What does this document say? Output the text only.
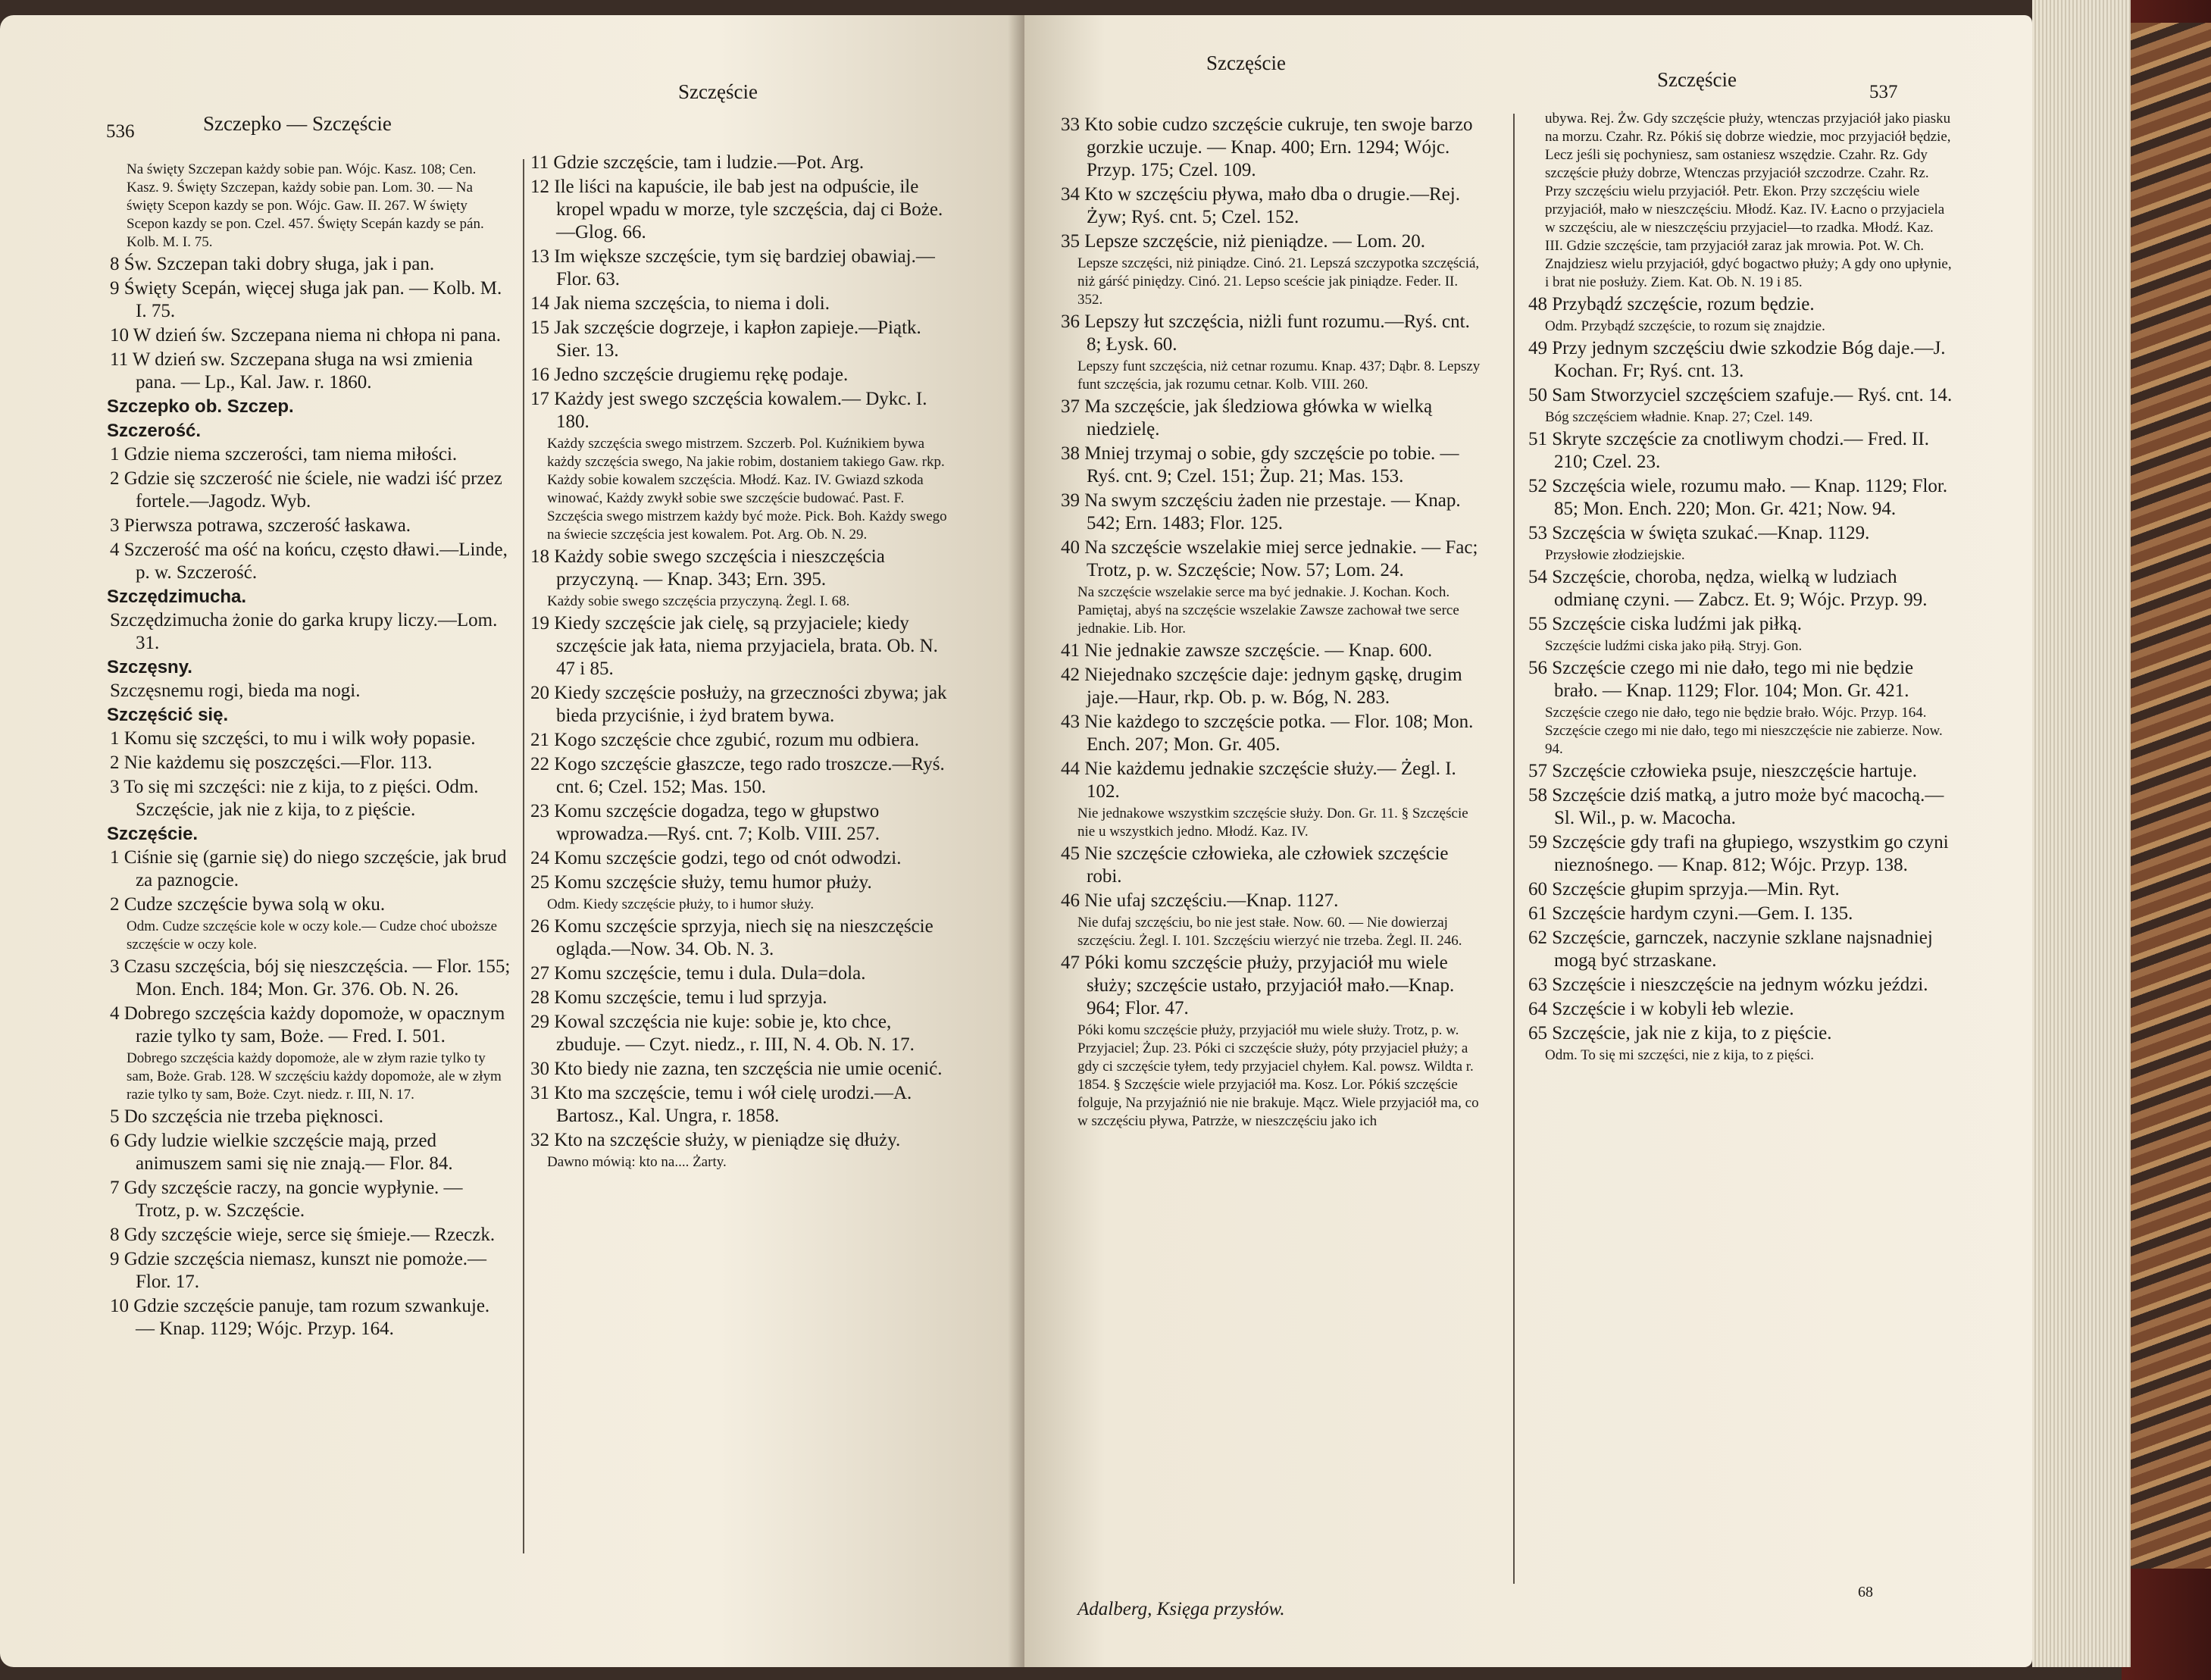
536	Szczepko — Szczęście
Szczęście
Na święty Szczepan każdy sobie pan. Wójc. Kasz. 108; Cen. Kasz. 9. Święty Szczepan, każdy sobie pan. Lom. 30. — Na święty Scepon kazdy se pon. Wójc. Gaw. II. 267. W święty Scepon kazdy se pon. Czel. 457. Święty Scepán kazdy se pán. Kolb. M. I. 75.
8 Św. Szczepan taki dobry sługa, jak i pan.
9 Święty Scepán, więcej sługa jak pan. — Kolb. M. I. 75.
10 W dzień św. Szczepana niema ni chłopa ni pana.
11 W dzień sw. Szczepana sługa na wsi zmienia pana. — Lp., Kal. Jaw. r. 1860.
Szczepko ob. Szczep.
Szczerość.
1 Gdzie niema szczerości, tam niema miłości.
2 Gdzie się szczerość nie ściele, nie wadzi iść przez fortele.—Jagodz. Wyb.
3 Pierwsza potrawa, szczerość łaskawa.
4 Szczerość ma ość na końcu, często dławi.—Linde, p. w. Szczerość.
Szczędzimucha.
Szczędzimucha żonie do garka krupy liczy.—Lom. 31.
Szczęsny.
Szczęsnemu rogi, bieda ma nogi.
Szczęścić się.
1 Komu się szczęści, to mu i wilk woły popasie.
2 Nie każdemu się poszczęści.—Flor. 113.
3 To się mi szczęści: nie z kija, to z pięści. Odm. Szczęście, jak nie z kija, to z pięście.
Szczęście.
1 Ciśnie się (garnie się) do niego szczęście, jak brud za paznogcie.
2 Cudze szczęście bywa solą w oku.
Odm. Cudze szczęście kole w oczy kole.— Cudze choć uboższe szczęście w oczy kole.
3 Czasu szczęścia, bój się nieszczęścia. — Flor. 155; Mon. Ench. 184; Mon. Gr. 376. Ob. N. 26.
4 Dobrego szczęścia każdy dopomoże, w opacznym razie tylko ty sam, Boże. — Fred. I. 501.
Dobrego szczęścia każdy dopomoże, ale w złym razie tylko ty sam, Boże. Grab. 128. W szczęściu każdy dopomoże, ale w złym razie tylko ty sam, Boże. Czyt. niedz. r. III, N. 17.
5 Do szczęścia nie trzeba pięknosci.
6 Gdy ludzie wielkie szczęście mają, przed animuszem sami się nie znają.— Flor. 84.
7 Gdy szczęście raczy, na goncie wypłynie. — Trotz, p. w. Szczęście.
8 Gdy szczęście wieje, serce się śmieje.— Rzeczk.
9 Gdzie szczęścia niemasz, kunszt nie pomoże.—Flor. 17.
10 Gdzie szczęście panuje, tam rozum szwankuje. — Knap. 1129; Wójc. Przyp. 164.
11 Gdzie szczęście, tam i ludzie.—Pot. Arg.
12 Ile liści na kapuście, ile bab jest na odpuście, ile kropel wpadu w morze, tyle szczęścia, daj ci Boże.—Glog. 66.
13 Im większe szczęście, tym się bardziej obawiaj.—Flor. 63.
14 Jak niema szczęścia, to niema i doli.
15 Jak szczęście dogrzeje, i kapłon zapieje.—Piątk. Sier. 13.
16 Jedno szczęście drugiemu rękę podaje.
17 Każdy jest swego szczęścia kowalem.— Dykc. I. 180.
Każdy szczęścia swego mistrzem. Szczerb. Pol. Kuźnikiem bywa każdy szczęścia swego, Na jakie robim, dostaniem takiego Gaw. rkp. Każdy sobie kowalem szczęścia. Młodź. Kaz. IV. Gwiazd szkoda winować, Każdy zwykł sobie swe szczęście budować. Past. F. Szczęścia swego mistrzem każdy być może. Pick. Boh. Każdy swego na świecie szczęścia jest kowalem. Pot. Arg. Ob. N. 29.
18 Każdy sobie swego szczęścia i nieszczęścia przyczyną. — Knap. 343; Ern. 395.
Każdy sobie swego szczęścia przyczyną. Żegl. I. 68.
19 Kiedy szczęście jak cielę, są przyjaciele; kiedy szczęście jak łata, niema przyjaciela, brata. Ob. N. 47 i 85.
20 Kiedy szczęście posłuży, na grzeczności zbywa; jak bieda przyciśnie, i żyd bratem bywa.
21 Kogo szczęście chce zgubić, rozum mu odbiera.
22 Kogo szczęście głaszcze, tego rado troszcze.—Ryś. cnt. 6; Czel. 152; Mas. 150.
23 Komu szczęście dogadza, tego w głupstwo wprowadza.—Ryś. cnt. 7; Kolb. VIII. 257.
24 Komu szczęście godzi, tego od cnót odwodzi.
25 Komu szczęście służy, temu humor płuży.
Odm. Kiedy szczęście płuży, to i humor służy.
26 Komu szczęście sprzyja, niech się na nieszczęście ogląda.—Now. 34. Ob. N. 3.
27 Komu szczęście, temu i dula. Dula=dola.
28 Komu szczęście, temu i lud sprzyja.
29 Kowal szczęścia nie kuje: sobie je, kto chce, zbuduje. — Czyt. niedz., r. III, N. 4. Ob. N. 17.
30 Kto biedy nie zazna, ten szczęścia nie umie ocenić.
31 Kto ma szczęście, temu i wół cielę urodzi.—A. Bartosz., Kal. Ungra, r. 1858.
32 Kto na szczęście służy, w pieniądze się dłuży.
Dawno mówią: kto na.... Żarty.
Szczęście
Szczęście
537
33 Kto sobie cudzo szczęście cukruje, ten swoje barzo gorzkie uczuje. — Knap. 400; Ern. 1294; Wójc. Przyp. 175; Czel. 109.
34 Kto w szczęściu pływa, mało dba o drugie.—Rej. Żyw; Ryś. cnt. 5; Czel. 152.
35 Lepsze szczęście, niż pieniądze. — Lom. 20.
Lepsze szczęści, niż piniądze. Cinó. 21. Lepszá szczypotka szczęściá, niż gárść piniędzy. Cinó. 21. Lepso sceście jak piniądze. Feder. II. 352.
36 Lepszy łut szczęścia, niżli funt rozumu.—Ryś. cnt. 8; Łysk. 60.
Lepszy funt szczęścia, niż cetnar rozumu. Knap. 437; Dąbr. 8. Lepszy funt szczęścia, jak rozumu cetnar. Kolb. VIII. 260.
37 Ma szczęście, jak śledziowa główka w wielką niedzielę.
38 Mniej trzymaj o sobie, gdy szczęście po tobie. — Ryś. cnt. 9; Czel. 151; Żup. 21; Mas. 153.
39 Na swym szczęściu żaden nie przestaje. — Knap. 542; Ern. 1483; Flor. 125.
40 Na szczęście wszelakie miej serce jednakie. — Fac; Trotz, p. w. Szczęście; Now. 57; Lom. 24.
Na szczęście wszelakie serce ma być jednakie. J. Kochan. Koch. Pamiętaj, abyś na szczęście wszelakie Zawsze zachował twe serce jednakie. Lib. Hor.
41 Nie jednakie zawsze szczęście. — Knap. 600.
42 Niejednako szczęście daje: jednym gąskę, drugim jaje.—Haur, rkp. Ob. p. w. Bóg, N. 283.
43 Nie każdego to szczęście potka. — Flor. 108; Mon. Ench. 207; Mon. Gr. 405.
44 Nie każdemu jednakie szczęście służy.— Żegl. I. 102.
Nie jednakowe wszystkim szczęście służy. Don. Gr. 11. § Szczęście nie u wszystkich jedno. Młodź. Kaz. IV.
45 Nie szczęście człowieka, ale człowiek szczęście robi.
46 Nie ufaj szczęściu.—Knap. 1127.
Nie dufaj szczęściu, bo nie jest stałe. Now. 60. — Nie dowierzaj szczęściu. Żegl. I. 101. Szczęściu wierzyć nie trzeba. Żegl. II. 246.
47 Póki komu szczęście płuży, przyjaciół mu wiele służy; szczęście ustało, przyjaciół mało.—Knap. 964; Flor. 47.
Póki komu szczęście płuży, przyjaciół mu wiele służy. Trotz, p. w. Przyjaciel; Żup. 23. Póki ci szczęście służy, póty przyjaciel płuży; a gdy ci szczęście tyłem, tedy przyjaciel chyłem. Kal. powsz. Wildta r. 1854. § Szczęście wiele przyjaciół ma. Kosz. Lor. Pókiś szczęście folguje, Na przyjaźnió nie nie brakuje. Mącz. Wiele przyjaciół ma, co w szczęściu pływa, Patrzże, w nieszczęściu jako ich
ubywa. Rej. Żw. Gdy szczęście płuży, wtenczas przyjaciół jako piasku na morzu. Czahr. Rz. Pókiś się dobrze wiedzie, moc przyjaciół będzie, Lecz jeśli się pochyniesz, sam ostaniesz wszędzie. Czahr. Rz. Gdy szczęście płuży dobrze, Wtenczas przyjaciół szczodrze. Czahr. Rz. Przy szczęściu wielu przyjaciół. Petr. Ekon. Przy szczęściu wiele przyjaciół, mało w nieszczęściu. Młodź. Kaz. IV. Łacno o przyjaciela w szczęściu, ale w nieszczęściu przyjaciel—to rzadka. Młodź. Kaz. III. Gdzie szczęście, tam przyjaciół zaraz jak mrowia. Pot. W. Ch. Znajdziesz wielu przyjaciół, gdyć bogactwo płuży; A gdy ono upłynie, i brat nie posłuży. Ziem. Kat. Ob. N. 19 i 85.
48 Przybądź szczęście, rozum będzie.
Odm. Przybądź szczęście, to rozum się znajdzie.
49 Przy jednym szczęściu dwie szkodzie Bóg daje.—J. Kochan. Fr; Ryś. cnt. 13.
50 Sam Stworzyciel szczęściem szafuje.— Ryś. cnt. 14.
Bóg szczęściem władnie. Knap. 27; Czel. 149.
51 Skryte szczęście za cnotliwym chodzi.— Fred. II. 210; Czel. 23.
52 Szczęścia wiele, rozumu mało. — Knap. 1129; Flor. 85; Mon. Ench. 220; Mon. Gr. 421; Now. 94.
53 Szczęścia w święta szukać.—Knap. 1129.
Przysłowie złodziejskie.
54 Szczęście, choroba, nędza, wielką w ludziach odmianę czyni. — Zabcz. Et. 9; Wójc. Przyp. 99.
55 Szczęście ciska ludźmi jak piłką.
Szczęście ludźmi ciska jako piłą. Stryj. Gon.
56 Szczęście czego mi nie dało, tego mi nie będzie brało. — Knap. 1129; Flor. 104; Mon. Gr. 421.
Szczęście czego nie dało, tego nie będzie brało. Wójc. Przyp. 164. Szczęście czego mi nie dało, tego mi nieszczęście nie zabierze. Now. 94.
57 Szczęście człowieka psuje, nieszczęście hartuje.
58 Szczęście dziś matką, a jutro może być macochą.—Sl. Wil., p. w. Macocha.
59 Szczęście gdy trafi na głupiego, wszystkim go czyni nieznośnego. — Knap. 812; Wójc. Przyp. 138.
60 Szczęście głupim sprzyja.—Min. Ryt.
61 Szczęście hardym czyni.—Gem. I. 135.
62 Szczęście, garnczek, naczynie szklane najsnadniej mogą być strzaskane.
63 Szczęście i nieszczęście na jednym wózku jeździ.
64 Szczęście i w kobyli łeb wlezie.
65 Szczęście, jak nie z kija, to z pięście.
Odm. To się mi szczęści, nie z kija, to z pięści.
Adalberg, Księga przysłów.
68
